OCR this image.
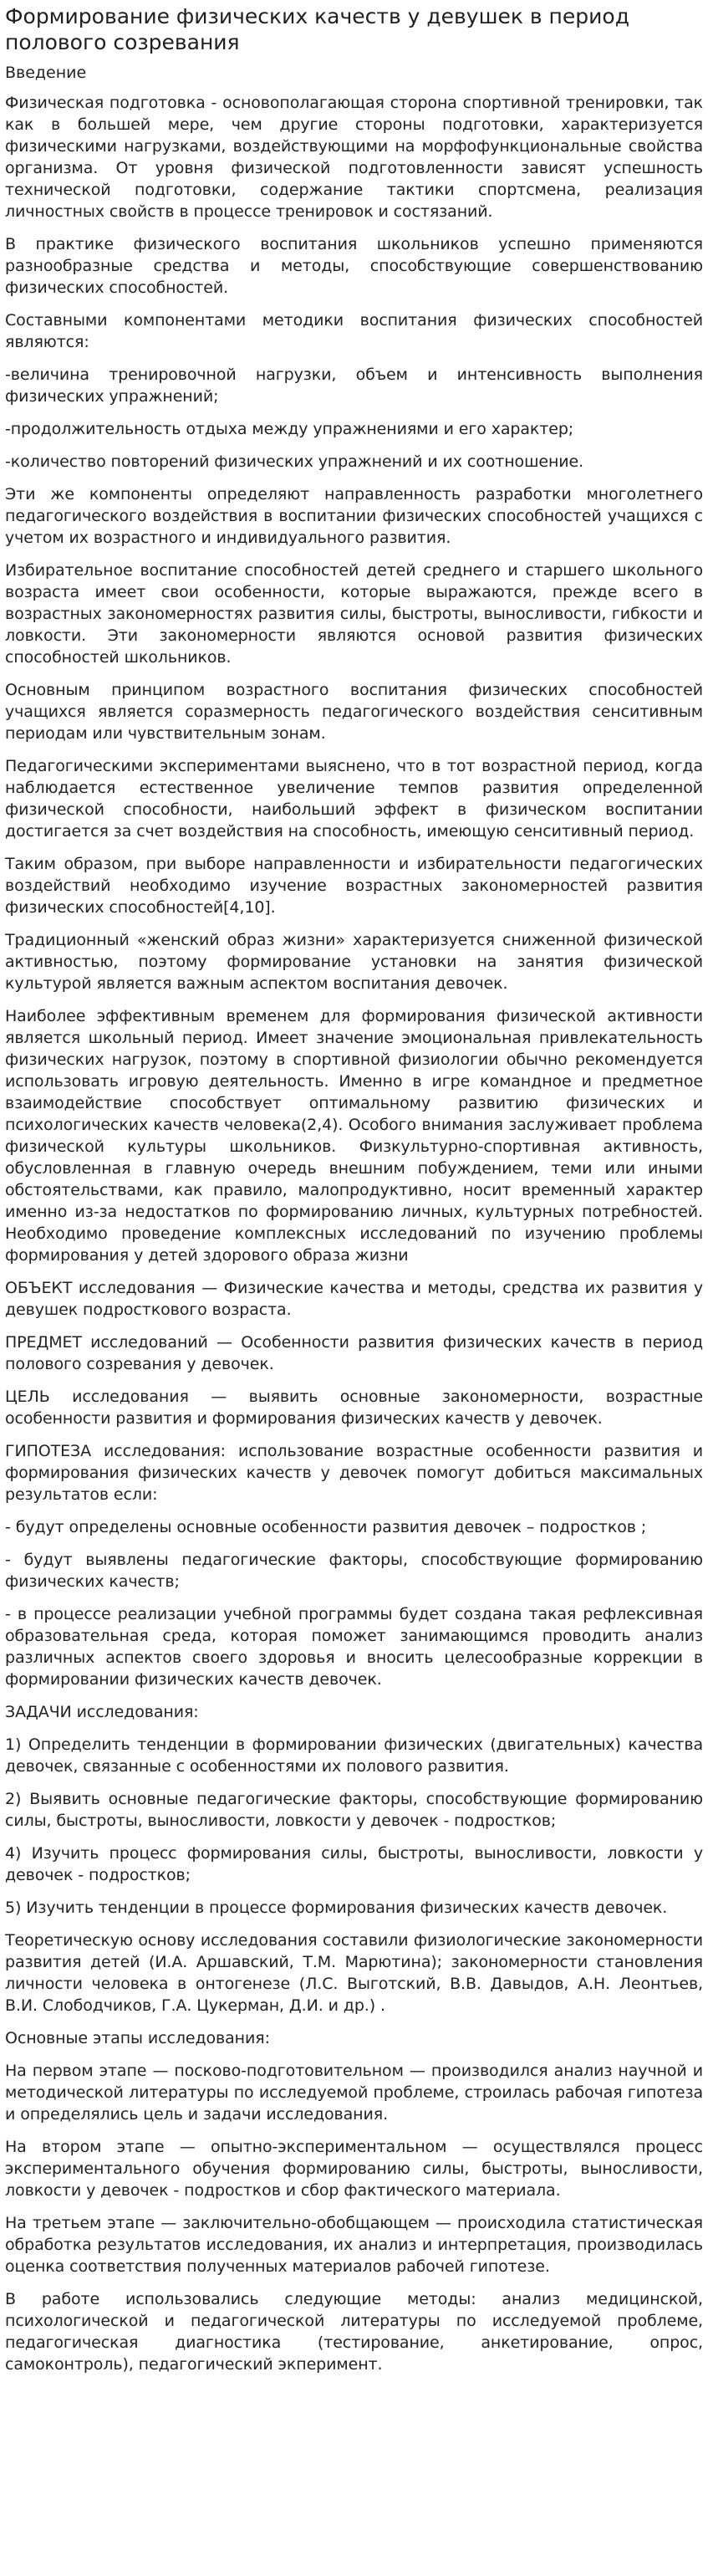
Формирование физических качеств у девушек в период полового созревания
Введение

Физическая подготовка - основополагающая сторона спортивной тренировки, так как в большей мере, чем другие стороны подготовки, характеризуется физическими нагрузками, воздействующими на морфофункциональные свойства организма. От уровня физической подготовленности зависят успешность технической подготовки, содержание тактики спортсмена, реализация личностных свойств в процессе тренировок и состязаний.

В практике физического воспитания школьников успешно применяются разнообразные средства и методы, способствующие совершенствованию физических способностей.

Составными компонентами методики воспитания физических способностей являются:

-величина тренировочной нагрузки, объем и интенсивность выполнения физических упражнений;

-продолжительность отдыха между упражнениями и его характер;

-количество повторений физических упражнений и их соотношение.

Эти же компоненты определяют направленность разработки многолетнего педагогического воздействия в воспитании физических способностей учащихся с учетом их возрастного и индивидуального развития.

Избирательное воспитание способностей детей среднего и старшего школьного возраста имеет свои особенности, которые выражаются, прежде всего в возрастных закономерностях развития силы, быстроты, выносливости, гибкости и ловкости. Эти закономерности являются основой развития физических способностей школьников.

Основным принципом возрастного воспитания физических способностей учащихся является соразмерность педагогического воздействия сенситивным периодам или чувствительным зонам.

Педагогическими экспериментами выяснено, что в тот возрастной период, когда наблюдается естественное увеличение темпов развития определенной физической способности, наибольший эффект в физическом воспитании достигается за счет воздействия на способность, имеющую сенситивный период.

Таким образом, при выборе направленности и избирательности педагогических воздействий необходимо изучение возрастных закономерностей развития физических способностей[4,10].

Традиционный «женский образ жизни» характеризуется сниженной физической активностью, поэтому формирование установки на занятия физической культурой является важным аспектом воспитания девочек.

Наиболее эффективным временем для формирования физической активности является школьный период. Имеет значение эмоциональная привлекательность физических нагрузок, поэтому в спортивной физиологии обычно рекомендуется использовать игровую деятельность. Именно в игре командное и предметное взаимодействие способствует оптимальному развитию физических и психологических качеств человека(2,4). Особого внимания заслуживает проблема физической культуры школьников. Физкультурно-спортивная активность, обусловленная в главную очередь внешним побуждением, теми или иными обстоятельствами, как правило, малопродуктивно, носит временный характер именно из-за недостатков по формированию личных, культурных потребностей. Необходимо проведение комплексных исследований по изучению проблемы формирования у детей здорового образа жизни

ОБЪЕКТ исследования — Физические качества и методы, средства их развития у девушек подросткового возраста.

ПРЕДМЕТ исследований — Особенности развития физических качеств в период полового созревания у девочек.

ЦЕЛЬ исследования — выявить основные закономерности, возрастные особенности развития и формирования физических качеств у девочек.

ГИПОТЕЗА исследования: использование возрастные особенности развития и формирования физических качеств у девочек помогут добиться максимальных результатов если:

- будут определены основные особенности развития девочек – подростков ;

- будут выявлены педагогические факторы, способствующие формированию физических качеств;

- в процессе реализации учебной программы будет создана такая рефлексивная образовательная среда, которая поможет занимающимся проводить анализ различных аспектов своего здоровья и вносить целесообразные коррекции в формировании физических качеств девочек.

ЗАДАЧИ исследования:

1) Определить тенденции в формировании физических (двигательных) качества девочек, связанные с особенностями их полового развития.

2) Выявить основные педагогические факторы, способствующие формированию силы, быстроты, выносливости, ловкости у девочек - подростков;

4) Изучить процесс формирования силы, быстроты, выносливости, ловкости у девочек - подростков;

5) Изучить тенденции в процессе формирования физических качеств девочек.

Теоретическую основу исследования составили физиологические закономерности развития детей (И.А. Аршавский, Т.М. Марютина); закономерности становления личности человека в онтогенезе (Л.С. Выготский, В.В. Давыдов, А.Н. Леонтьев, В.И. Слободчиков, Г.А. Цукерман, Д.И. и др.) .

Основные этапы исследования:

На первом этапе — посково-подготовительном — производился анализ научной и методической литературы по исследуемой проблеме, строилась рабочая гипотеза и определялись цель и задачи исследования.

На втором этапе — опытно-экспериментальном — осуществлялся процесс экспериментального обучения формированию силы, быстроты, выносливости, ловкости у девочек - подростков и сбор фактического материала.

На третьем этапе — заключительно-обобщающем — происходила статистическая обработка результатов исследования, их анализ и интерпретация, производилась оценка соответствия полученных материалов рабочей гипотезе.

В работе использовались следующие методы: анализ медицинской, психологической и педагогической литературы по исследуемой проблеме, педагогическая диагностика (тестирование, анкетирование, опрос, самоконтроль), педагогический экперимент.
